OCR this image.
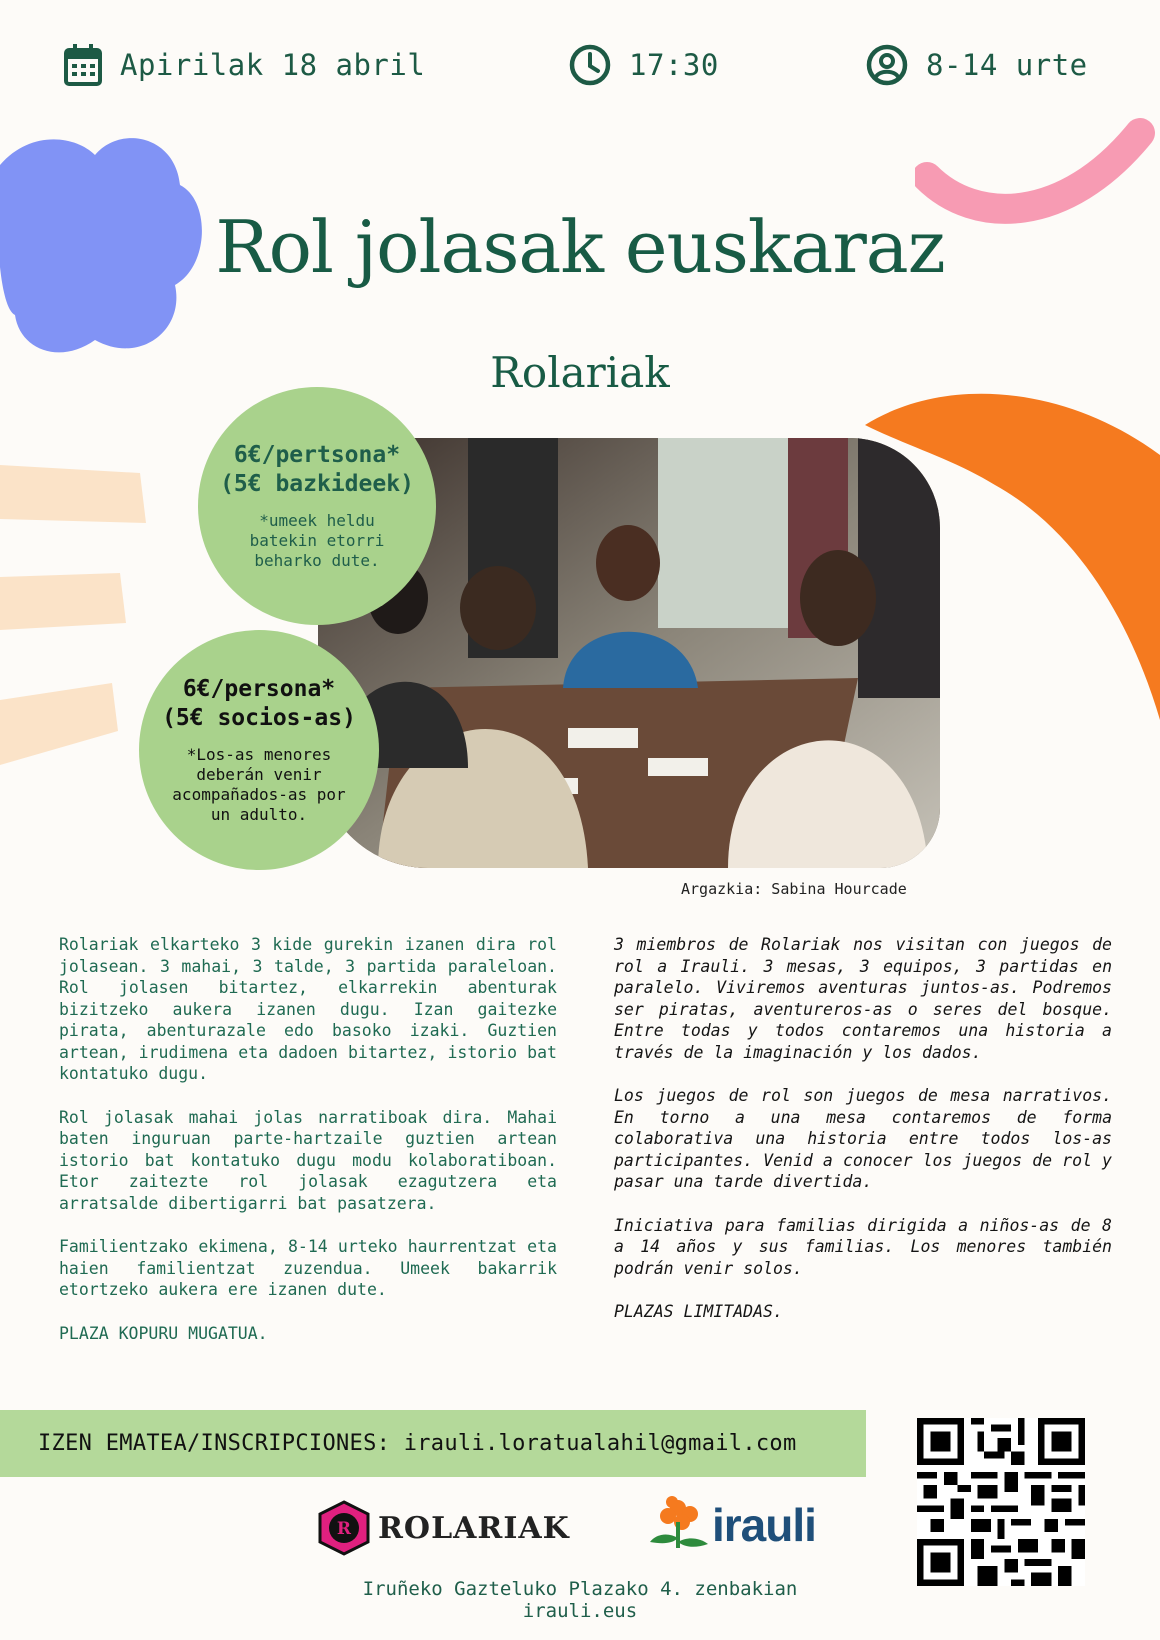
Apirilak 18 abril	17:30	8-14 urte
Rol jolasak euskaraz
Rolariak
6€/pertsona*
(5€ bazkideek)
*umeek heldu batekin etorri beharko dute.
6€/persona*
(5€ socios-as)
*Los-as menores deberán venir acompañados-as por un adulto.
Argazkia: Sabina Hourcade

Rolariak elkarteko 3 kide gurekin izanen dira rol jolasean. 3 mahai, 3 talde, 3 partida paraleloan. Rol jolasen bitartez, elkarrekin abenturak bizitzeko aukera izanen dugu. Izan gaitezke pirata, abenturazale edo basoko izaki. Guztien artean, irudimena eta dadoen bitartez, istorio bat kontatuko dugu.

Rol jolasak mahai jolas narratiboak dira. Mahai baten inguruan parte-hartzaile guztien artean istorio bat kontatuko dugu modu kolaboratiboan. Etor zaitezte rol jolasak ezagutzera eta arratsalde dibertigarri bat pasatzera.

Familientzako ekimena, 8-14 urteko haurrentzat eta haien familientzat zuzendua. Umeek bakarrik etortzeko aukera ere izanen dute.

PLAZA KOPURU MUGATUA.

3 miembros de Rolariak nos visitan con juegos de rol a Irauli. 3 mesas, 3 equipos, 3 partidas en paralelo. Viviremos aventuras juntos-as. Podremos ser piratas, aventureros-as o seres del bosque. Entre todas y todos contaremos una historia a través de la imaginación y los dados.

Los juegos de rol son juegos de mesa narrativos. En torno a una mesa contaremos de forma colaborativa una historia entre todos los-as participantes. Venid a conocer los juegos de rol y pasar una tarde divertida.

Iniciativa para familias dirigida a niños-as de 8 a 14 años y sus familias. Los menores también podrán venir solos.

PLAZAS LIMITADAS.

IZEN EMATEA/INSCRIPCIONES: irauli.loratualahil@gmail.com
R ROLARIAK	irauli
Iruñeko Gazteluko Plazako 4. zenbakian
irauli.eus
